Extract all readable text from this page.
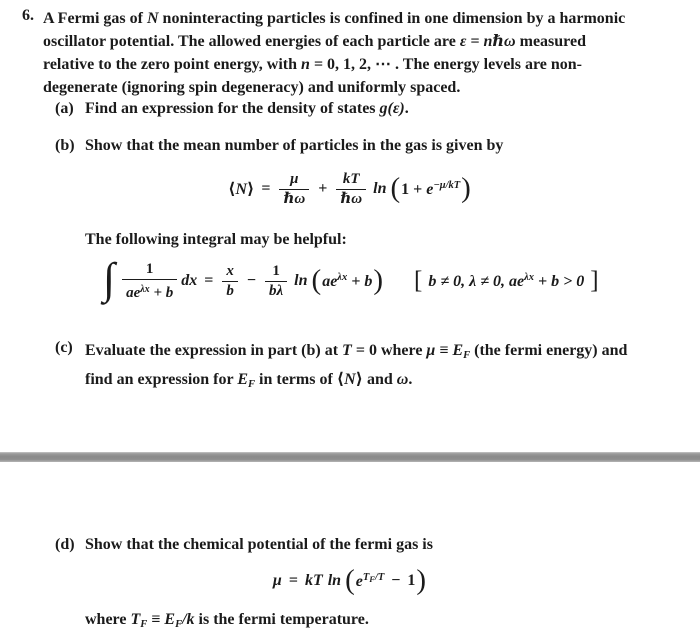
6. A Fermi gas of N noninteracting particles is confined in one dimension by a harmonic
oscillator potential. The allowed energies of each particle are ε = nℏω measured
relative to the zero point energy, with n = 0, 1, 2, ⋯ . The energy levels are non-
degenerate (ignoring spin degeneracy) and uniformly spaced.
(a) Find an expression for the density of states g(ε).
(b) Show that the mean number of particles in the gas is given by
⟨N⟩ = $\frac{\mu}{\text{ℏω}} + \frac{kT}{\text{ℏω}}$ ln ( $1 + e^{-\mu/kT}$ )
The following integral may be helpful:
∫ $\frac{1}{ae^{\lambda x} + b}$ dx = $\frac{x}{b} - \frac{1}{b\lambda}$ ln ( $ae^{\lambda x} + b$ ) [ b ≠ 0, λ ≠ 0, $ae^{\lambda x} + b > 0$ ]
(c) Evaluate the expression in part (b) at T = 0 where $\mu \equiv E_F$ (the fermi energy) and
find an expression for $E_F$ in terms of ⟨N⟩ and ω.
(d) Show that the chemical potential of the fermi gas is
μ = kT ln ( $e^{TF/T} - 1$ )
where $T_F \equiv E_F/k$ is the fermi temperature.
